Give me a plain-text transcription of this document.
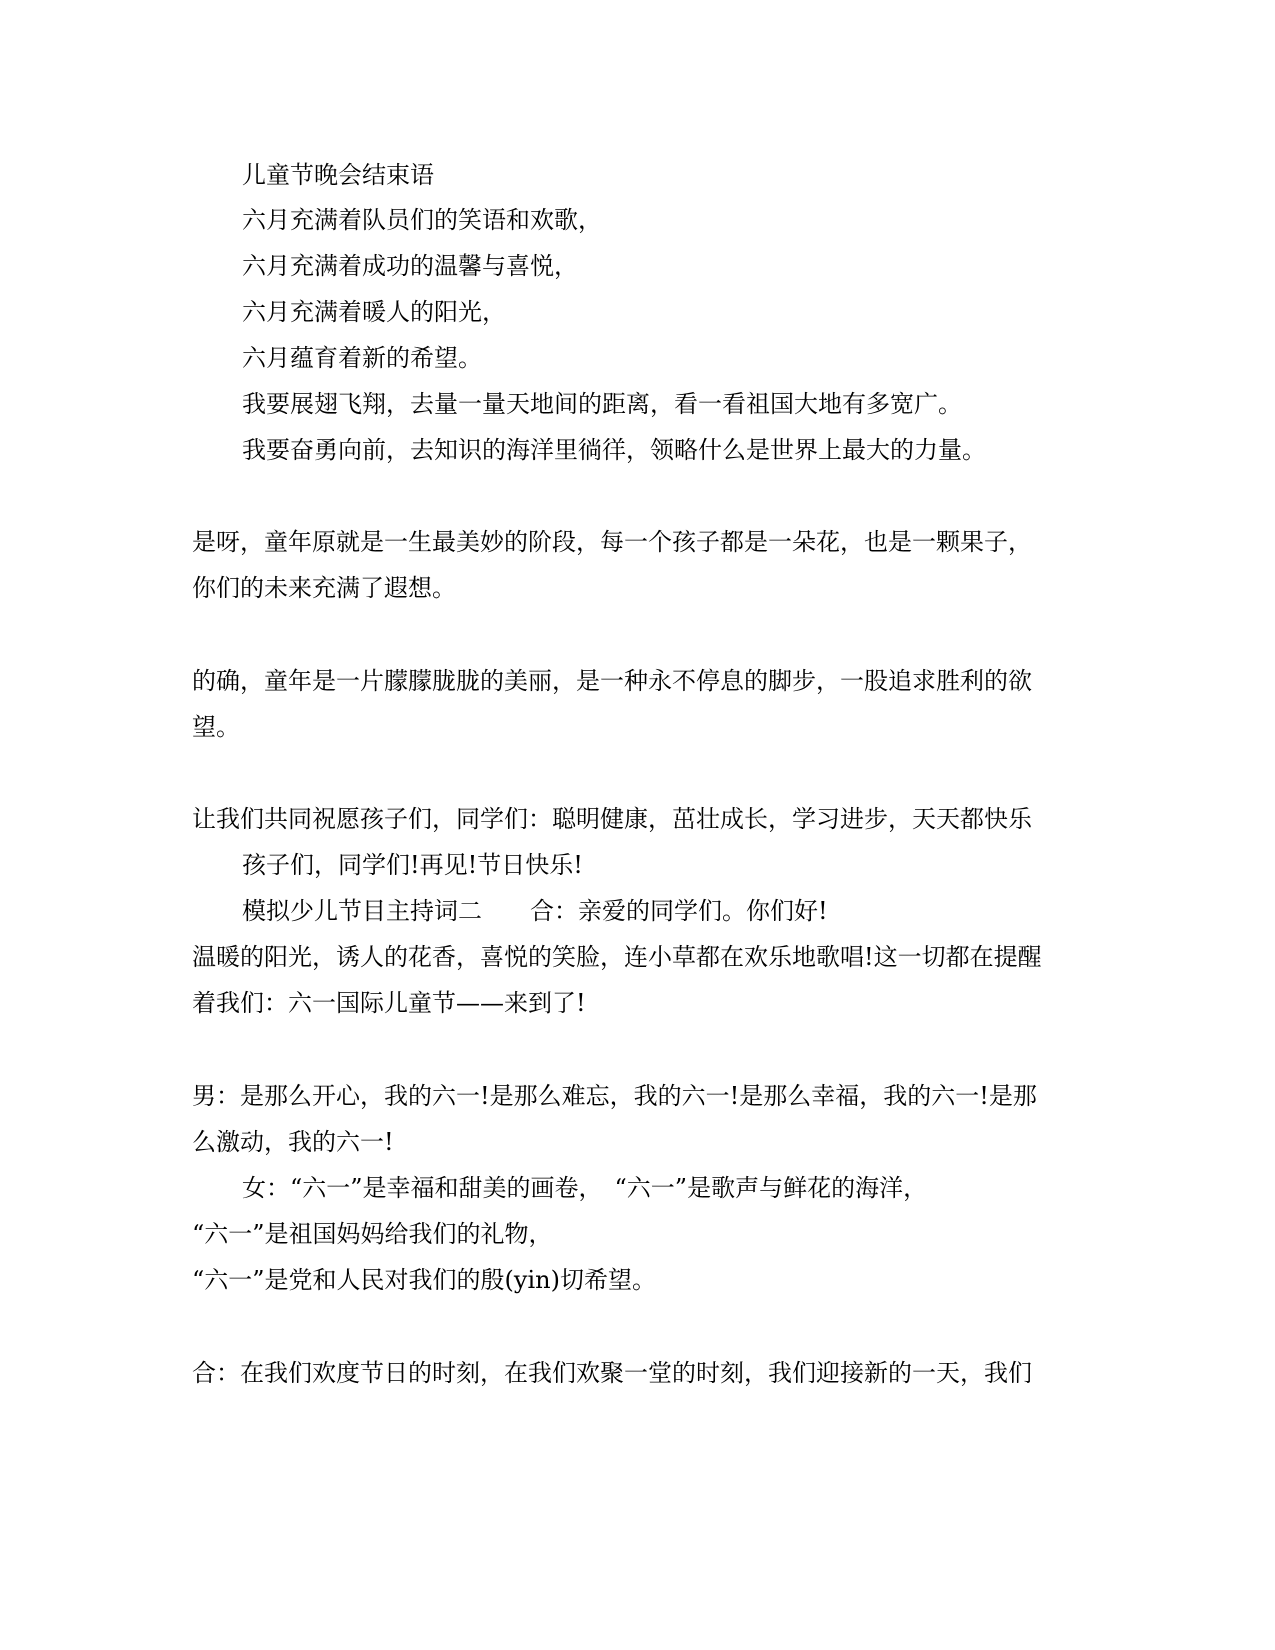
儿童节晚会结束语
六月充满着队员们的笑语和欢歌，
六月充满着成功的温馨与喜悦，
六月充满着暖人的阳光，
六月蕴育着新的希望。
我要展翅飞翔，去量一量天地间的距离，看一看祖国大地有多宽广。
我要奋勇向前，去知识的海洋里徜徉，领略什么是世界上最大的力量。
是呀，童年原就是一生最美妙的阶段，每一个孩子都是一朵花，也是一颗果子，
你们的未来充满了遐想。
的确，童年是一片朦朦胧胧的美丽，是一种永不停息的脚步，一股追求胜利的欲
望。
让我们共同祝愿孩子们，同学们：聪明健康，茁壮成长，学习进步，天天都快乐
孩子们，同学们!再见!节日快乐!
模拟少儿节目主持词二　　合：亲爱的同学们。你们好!
温暖的阳光，诱人的花香，喜悦的笑脸，连小草都在欢乐地歌唱!这一切都在提醒
着我们：六一国际儿童节——来到了!
男：是那么开心，我的六一!是那么难忘，我的六一!是那么幸福，我的六一!是那
么激动，我的六一!
女：“六一”是幸福和甜美的画卷，　“六一”是歌声与鲜花的海洋，
“六一”是祖国妈妈给我们的礼物，
“六一”是党和人民对我们的殷(yin)切希望。
合：在我们欢度节日的时刻，在我们欢聚一堂的时刻，我们迎接新的一天，我们
